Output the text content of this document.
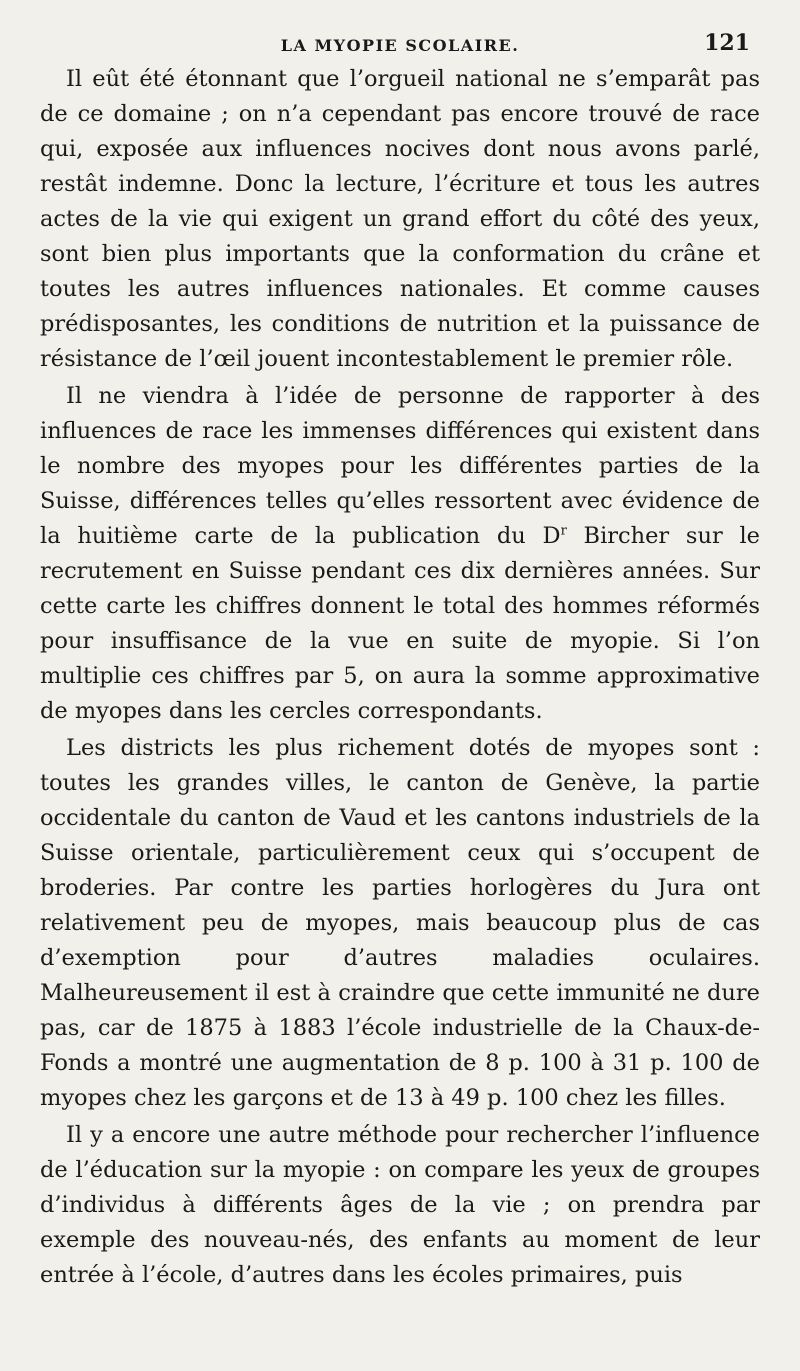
LA MYOPIE SCOLAIRE.	121

Il eût été étonnant que l’orgueil national ne s’emparât pas de ce domaine ; on n’a cependant pas encore trouvé de race qui, exposée aux influences nocives dont nous avons parlé, restât indemne. Donc la lecture, l’écriture et tous les autres actes de la vie qui exigent un grand effort du côté des yeux, sont bien plus importants que la conformation du crâne et toutes les autres influences nationales. Et comme causes prédisposantes, les conditions de nutrition et la puissance de résistance de l’œil jouent incontestablement le premier rôle.

Il ne viendra à l’idée de personne de rapporter à des influences de race les immenses différences qui existent dans le nombre des myopes pour les différentes parties de la Suisse, différences telles qu’elles ressortent avec évidence de la huitième carte de la publication du $D^r$ Bircher sur le recrutement en Suisse pendant ces dix dernières années. Sur cette carte les chiffres donnent le total des hommes réformés pour insuffisance de la vue en suite de myopie. Si l’on multiplie ces chiffres par 5, on aura la somme approximative de myopes dans les cercles correspondants.

Les districts les plus richement dotés de myopes sont : toutes les grandes villes, le canton de Genève, la partie occidentale du canton de Vaud et les cantons industriels de la Suisse orientale, particulièrement ceux qui s’occupent de broderies. Par contre les parties horlogères du Jura ont relativement peu de myopes, mais beaucoup plus de cas d’exemption pour d’autres maladies oculaires. Malheureusement il est à craindre que cette immunité ne dure pas, car de 1875 à 1883 l’école industrielle de la Chaux-de-Fonds a montré une augmentation de 8 p. 100 à 31 p. 100 de myopes chez les garçons et de 13 à 49 p. 100 chez les filles.

Il y a encore une autre méthode pour rechercher l’influence de l’éducation sur la myopie : on compare les yeux de groupes d’individus à différents âges de la vie ; on prendra par exemple des nouveau-nés, des enfants au moment de leur entrée à l’école, d’autres dans les écoles primaires, puis
